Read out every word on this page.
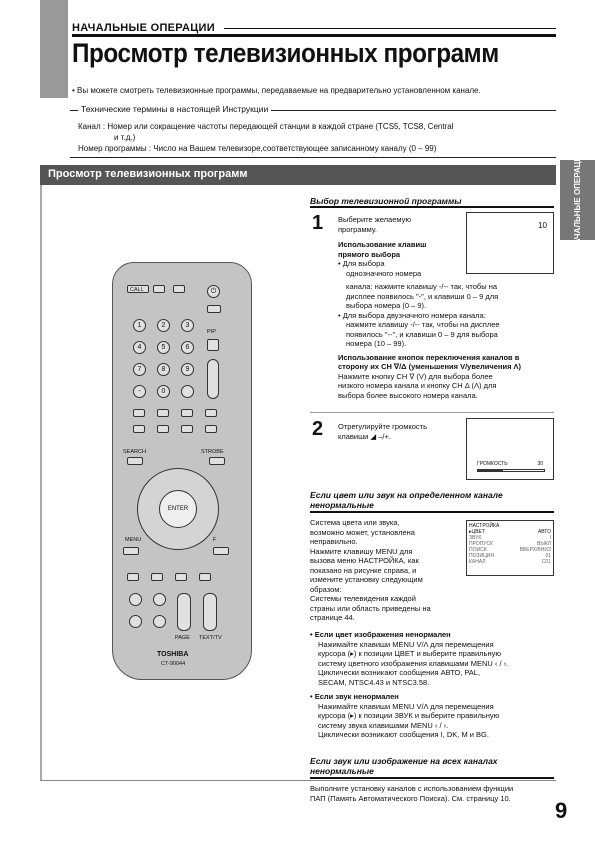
НАЧАЛЬНЫЕ ОПЕРАЦИИ
Просмотр телевизионных программ
• Вы можете смотреть телевизионные программы, передаваемые на предварительно установленном канале.
Канал : Номер или сокращение частоты передающей станции в каждой стране (TCS5, TCS8, Central
и т.д.)
Номер программы : Число на Вашем телевизоре,соответствующее записанному каналу (0 – 99)
Технические термины в настоящей Инструкции
НАЧАЛЬНЫЕ ОПЕРАЦИИ
Просмотр телевизионных программ
CALL	⏻
1	2	3
PIP
4	5	6
7	8	9
-	0
SEARCH	STROBE
ENTER
MENU	F
PAGE TEXT/TV
TOSHIBA
CT-90044
Выбор телевизионной программы
1	10
Выберите желаемую
программу.
Использование клавиш
прямого выбора
• Для выбора
однозначного номера
канала: нажмите клавишу -/-- так, чтобы на
дисплее появилось "-", и клавиши 0 – 9 для
выбора номера (0 – 9).
• Для выбора двузначного номера канала:
нажмите клавишу -/-- так, чтобы на дисплее
появилось "--", и клавиши 0 – 9 для выбора
номера (10 – 99).
Использование кнопок переключения каналов в
сторону их CH ∇/Δ (уменьшения V/увеличения Λ)
Нажмите кнопку CH ∇ (V) для выбора более
низкого номера канала и кнопку CH Δ (Λ) для
выбора более высокого номера канала.
2 Отрегулируйте громкость
клавиши ◢ –/+.
ГРОМКОСТЬ	30
Если цвет или звук на определенном канале
ненормальные
Система цвета или звука,
возможно может, установлена
неправильно.
Нажмите клавишу MENU для
вызова меню НАСТРОЙКА, как
показано на рисунке справа, и
измените установку следующим
образом:
Системы телевидения каждой
страны или область приведены на
странице 44.
НАСТРОЙКА
▸ЦВЕТ	АВТО
ЗВУК	I
ПРОПУСК	ВЫКЛ
ПОИСК	ВВЕРХ/ВНИЗ
ПОЗИЦИЯ	01
КАНАЛ	С01
• Если цвет изображения ненормален
Нажимайте клавиши MENU V/Λ для перемещения
курсора (▸) к позиции ЦВЕТ и выберите правильную
систему цветного изображения клавишами MENU ‹ / ›.
Циклически возникают сообщения АВТО, PAL,
SECAM, NTSC4.43 и NTSC3.58.
• Если звук ненормален
Нажимайте клавиши MENU V/Λ для перемещения
курсора (▸) к позиции ЗВУК и выберите правильную
систему звука клавишами MENU ‹ / ›.
Циклически возникают сообщения I, DK, M и BG.
Если звук или изображение на всех каналах
ненормальные
Выполните установку каналов с использованием функции
ПАП (Память Автоматического Поиска). См. страницу 10.	9
